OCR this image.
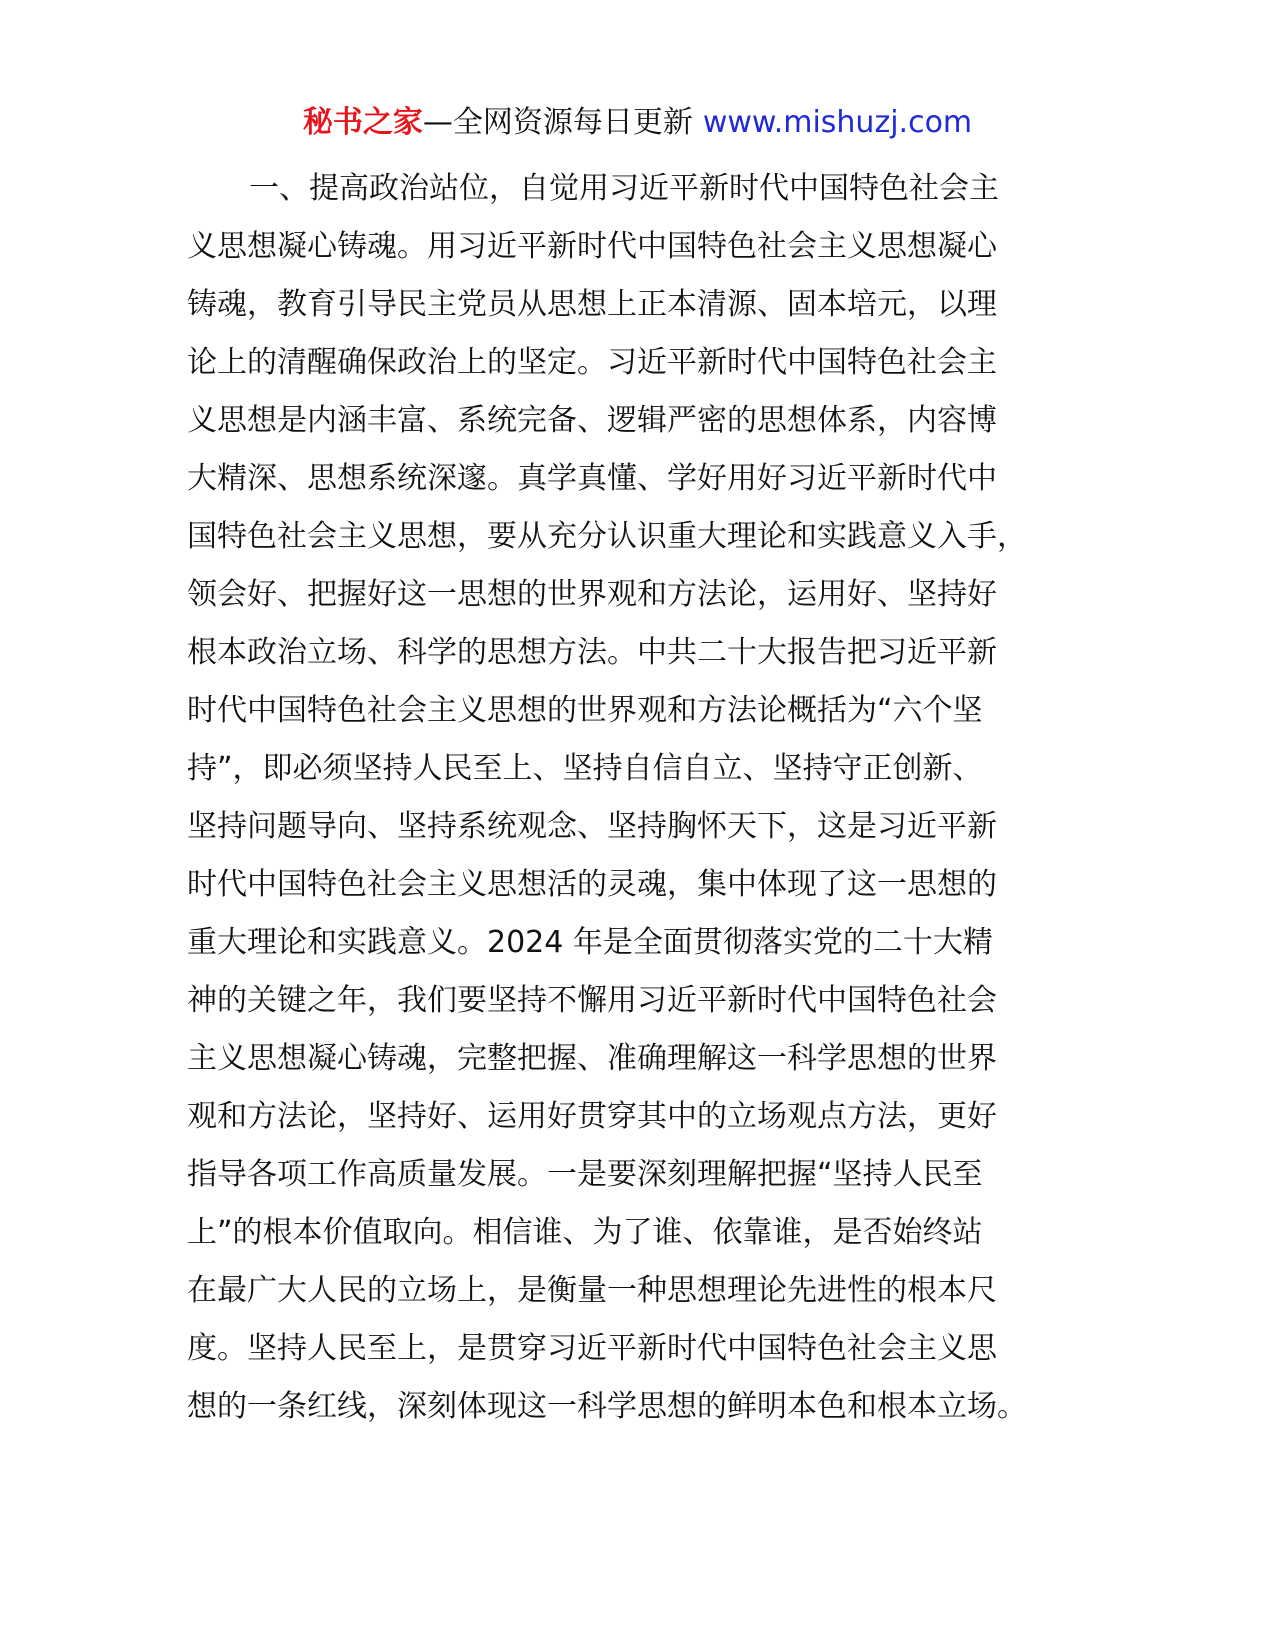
秘书之家—全网资源每日更新 www.mishuzj.com
一、提高政治站位，自觉用习近平新时代中国特色社会主
义思想凝心铸魂。用习近平新时代中国特色社会主义思想凝心
铸魂，教育引导民主党员从思想上正本清源、固本培元，以理
论上的清醒确保政治上的坚定。习近平新时代中国特色社会主
义思想是内涵丰富、系统完备、逻辑严密的思想体系，内容博
大精深、思想系统深邃。真学真懂、学好用好习近平新时代中
国特色社会主义思想，要从充分认识重大理论和实践意义入手，
领会好、把握好这一思想的世界观和方法论，运用好、坚持好
根本政治立场、科学的思想方法。中共二十大报告把习近平新
时代中国特色社会主义思想的世界观和方法论概括为“六个坚
持”，即必须坚持人民至上、坚持自信自立、坚持守正创新、
坚持问题导向、坚持系统观念、坚持胸怀天下，这是习近平新
时代中国特色社会主义思想活的灵魂，集中体现了这一思想的
重大理论和实践意义。2024 年是全面贯彻落实党的二十大精
神的关键之年，我们要坚持不懈用习近平新时代中国特色社会
主义思想凝心铸魂，完整把握、准确理解这一科学思想的世界
观和方法论，坚持好、运用好贯穿其中的立场观点方法，更好
指导各项工作高质量发展。一是要深刻理解把握“坚持人民至
上”的根本价值取向。相信谁、为了谁、依靠谁，是否始终站
在最广大人民的立场上，是衡量一种思想理论先进性的根本尺
度。坚持人民至上，是贯穿习近平新时代中国特色社会主义思
想的一条红线，深刻体现这一科学思想的鲜明本色和根本立场。
